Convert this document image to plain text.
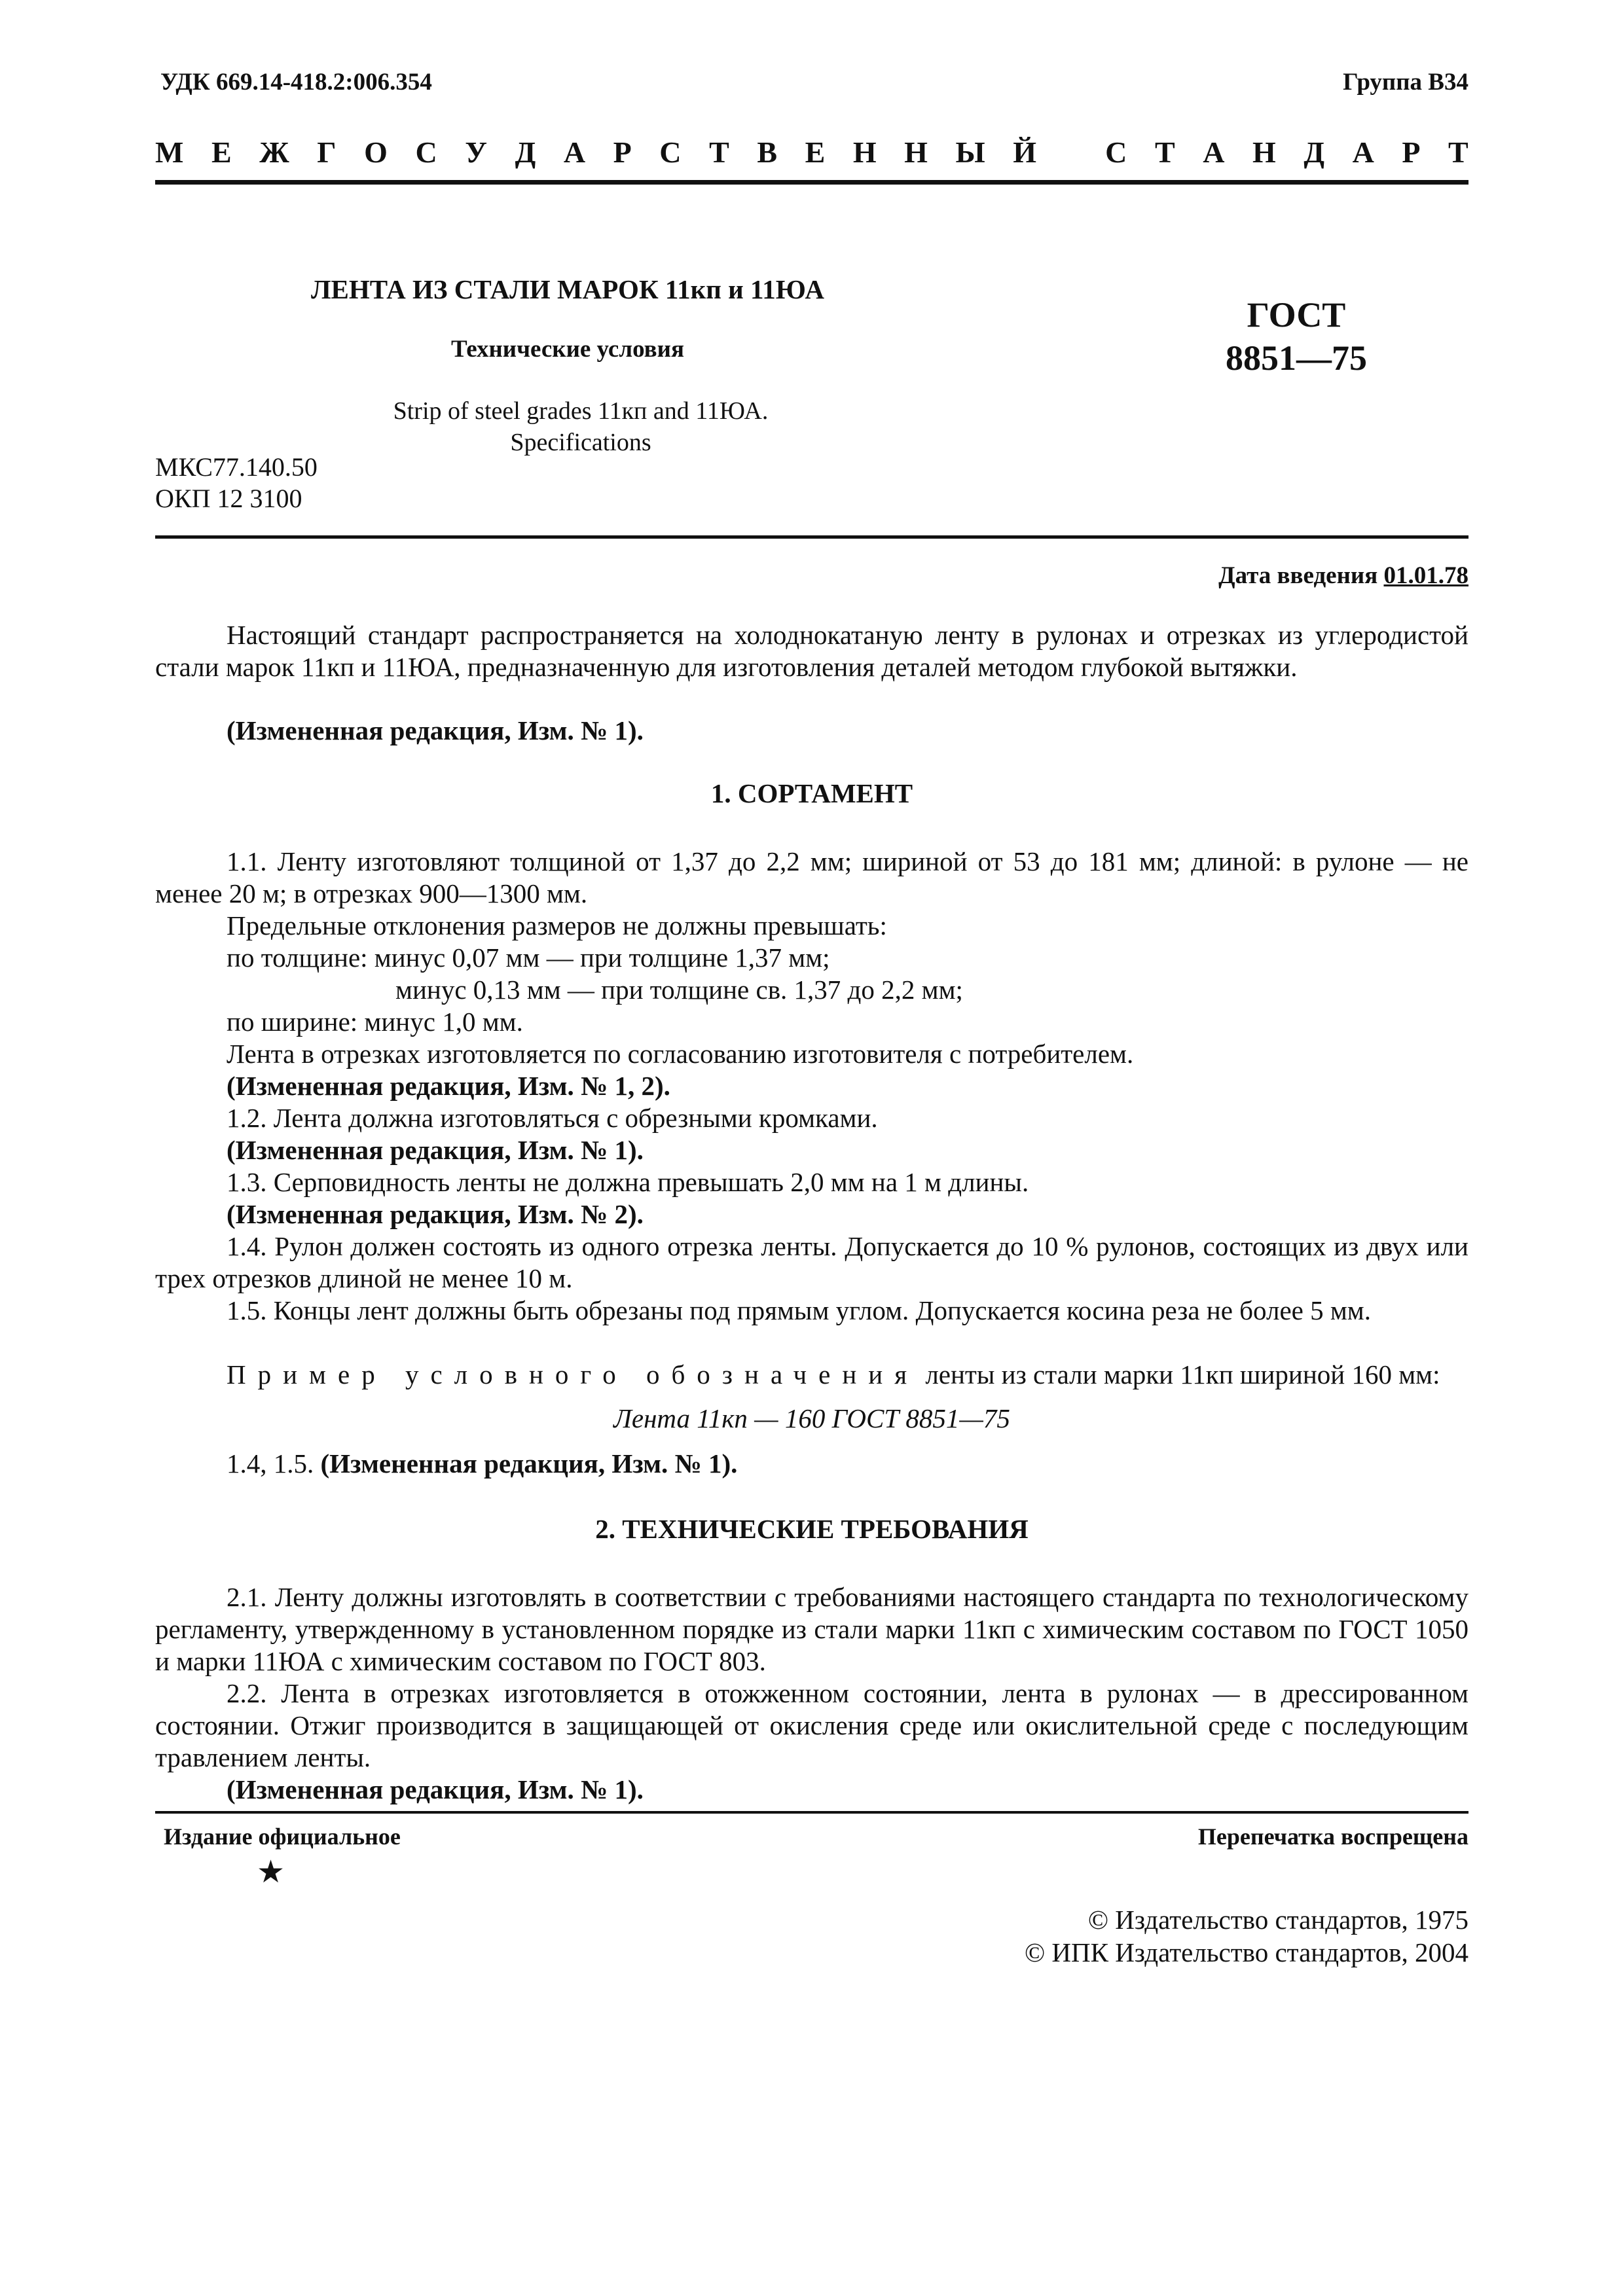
УДК 669.14-418.2:006.354	Группа В34
М Е Ж Г О С У Д А Р С Т В Е Н Н Ы Й С Т А Н Д А Р Т
ЛЕНТА ИЗ СТАЛИ МАРОК 11кп и 11ЮА
Технические условия
Strip of steel grades 11кп and 11ЮА.
Specifications
ГОСТ
8851—75
МКС77.140.50
ОКП 12 3100
Дата введения 01.01.78
Настоящий стандарт распространяется на холоднокатаную ленту в рулонах и отрезках из углеродистой стали марок 11кп и 11ЮА, предназначенную для изготовления деталей методом глубокой вытяжки.
(Измененная редакция, Изм. № 1).
1. СОРТАМЕНТ
1.1. Ленту изготовляют толщиной от 1,37 до 2,2 мм; шириной от 53 до 181 мм; длиной: в рулоне — не менее 20 м; в отрезках 900—1300 мм.
Предельные отклонения размеров не должны превышать:
по толщине: минус 0,07 мм — при толщине 1,37 мм;
минус 0,13 мм — при толщине св. 1,37 до 2,2 мм;
по ширине: минус 1,0 мм.
Лента в отрезках изготовляется по согласованию изготовителя с потребителем.
(Измененная редакция, Изм. № 1, 2).
1.2. Лента должна изготовляться с обрезными кромками.
(Измененная редакция, Изм. № 1).
1.3. Серповидность ленты не должна превышать 2,0 мм на 1 м длины.
(Измененная редакция, Изм. № 2).
1.4. Рулон должен состоять из одного отрезка ленты. Допускается до 10 % рулонов, состоящих из двух или трех отрезков длиной не менее 10 м.
1.5. Концы лент должны быть обрезаны под прямым углом. Допускается косина реза не более 5 мм.
Пример условного обозначения ленты из стали марки 11кп шириной 160 мм:
Лента 11кп — 160 ГОСТ 8851—75
1.4, 1.5. (Измененная редакция, Изм. № 1).
2. ТЕХНИЧЕСКИЕ ТРЕБОВАНИЯ
2.1. Ленту должны изготовлять в соответствии с требованиями настоящего стандарта по технологическому регламенту, утвержденному в установленном порядке из стали марки 11кп с химическим составом по ГОСТ 1050 и марки 11ЮА с химическим составом по ГОСТ 803.
2.2. Лента в отрезках изготовляется в отожженном состоянии, лента в рулонах — в дрессированном состоянии. Отжиг производится в защищающей от окисления среде или окислительной среде с последующим травлением ленты.
(Измененная редакция, Изм. № 1).
Издание официальное	Перепечатка воспрещена
★
© Издательство стандартов, 1975
© ИПК Издательство стандартов, 2004
